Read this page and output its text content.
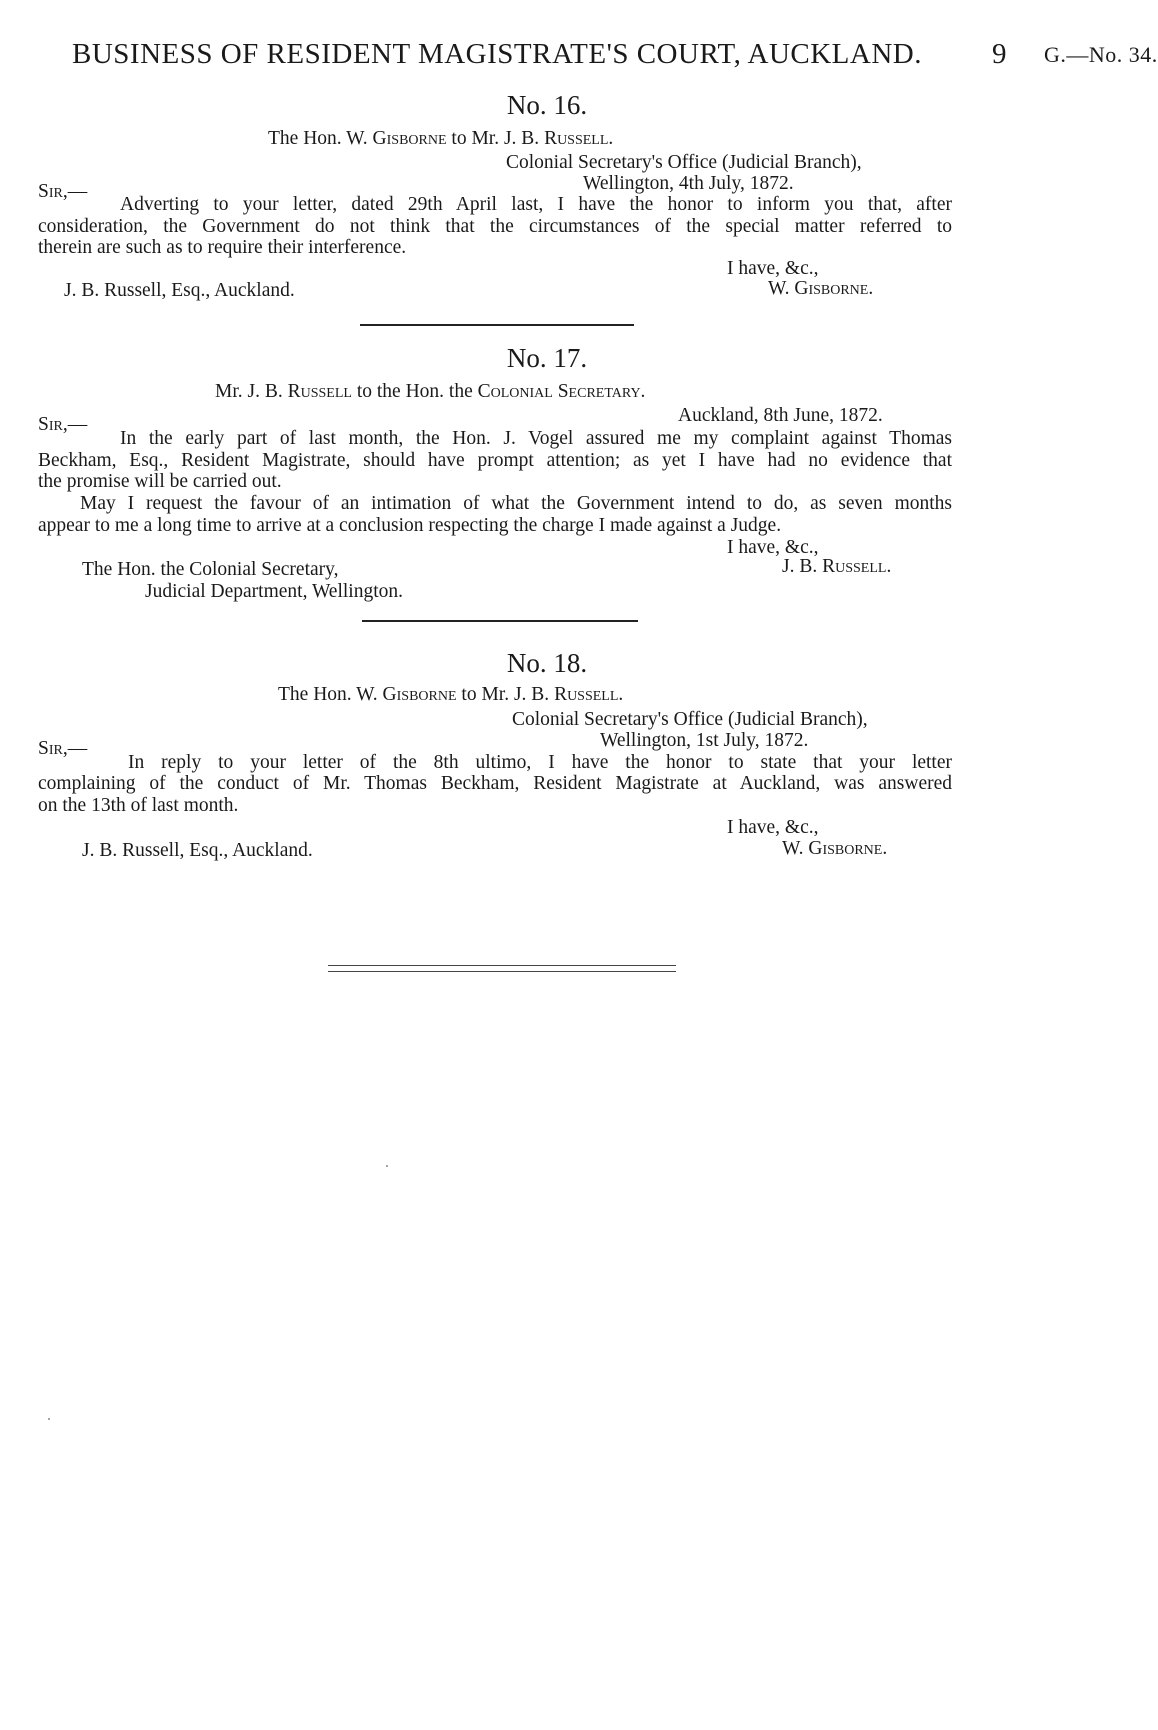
BUSINESS OF RESIDENT MAGISTRATE'S COURT, AUCKLAND. 9 G.—No. 34.
No. 16.
The Hon. W. Gisborne to Mr. J. B. Russell.
Colonial Secretary's Office (Judicial Branch),
Wellington, 4th July, 1872.
Sir,—
Adverting to your letter, dated 29th April last, I have the honor to inform you that, after
consideration, the Government do not think that the circumstances of the special matter referred to
therein are such as to require their interference.
I have, &c.,
J. B. Russell, Esq., Auckland.	W. Gisborne.
No. 17.
Mr. J. B. Russell to the Hon. the Colonial Secretary.
Auckland, 8th June, 1872.
Sir,—
In the early part of last month, the Hon. J. Vogel assured me my complaint against Thomas
Beckham, Esq., Resident Magistrate, should have prompt attention; as yet I have had no evidence that
the promise will be carried out.
May I request the favour of an intimation of what the Government intend to do, as seven months
appear to me a long time to arrive at a conclusion respecting the charge I made against a Judge.
I have, &c.,
The Hon. the Colonial Secretary,	J. B. Russell.
Judicial Department, Wellington.
No. 18.
The Hon. W. Gisborne to Mr. J. B. Russell.
Colonial Secretary's Office (Judicial Branch),
Wellington, 1st July, 1872.
Sir,—
In reply to your letter of the 8th ultimo, I have the honor to state that your letter
complaining of the conduct of Mr. Thomas Beckham, Resident Magistrate at Auckland, was answered
on the 13th of last month.
I have, &c.,
J. B. Russell, Esq., Auckland.	W. Gisborne.
